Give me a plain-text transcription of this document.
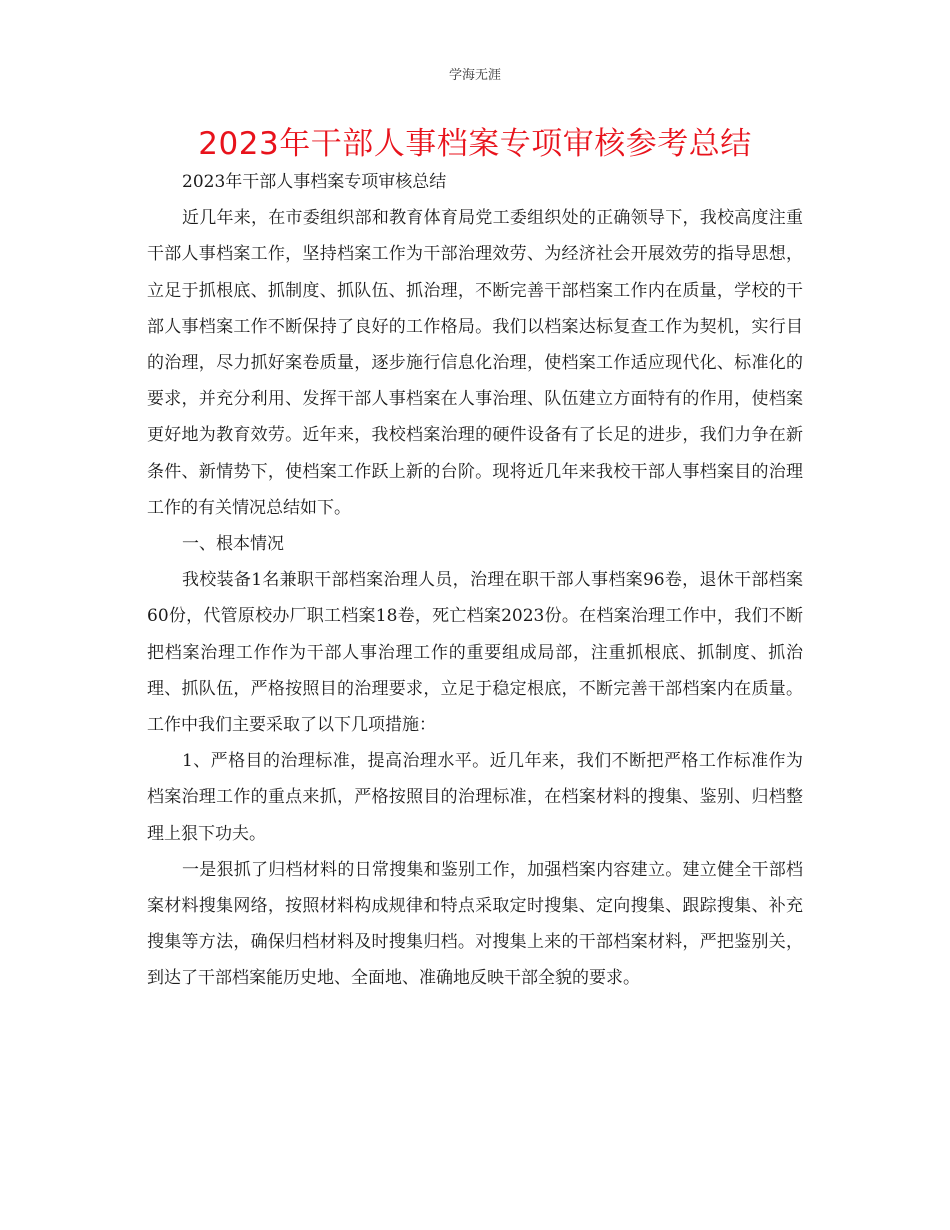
学海无涯
2023年干部人事档案专项审核参考总结

2023年干部人事档案专项审核总结

近几年来，在市委组织部和教育体育局党工委组织处的正确领导下，我校高度注重干部人事档案工作，坚持档案工作为干部治理效劳、为经济社会开展效劳的指导思想，立足于抓根底、抓制度、抓队伍、抓治理，不断完善干部档案工作内在质量，学校的干部人事档案工作不断保持了良好的工作格局。我们以档案达标复查工作为契机，实行目的治理，尽力抓好案卷质量，逐步施行信息化治理，使档案工作适应现代化、标准化的要求，并充分利用、发挥干部人事档案在人事治理、队伍建立方面特有的作用，使档案更好地为教育效劳。近年来，我校档案治理的硬件设备有了长足的进步，我们力争在新条件、新情势下，使档案工作跃上新的台阶。现将近几年来我校干部人事档案目的治理工作的有关情况总结如下。

一、根本情况

我校装备1名兼职干部档案治理人员，治理在职干部人事档案96卷，退休干部档案60份，代管原校办厂职工档案18卷，死亡档案2023份。在档案治理工作中，我们不断把档案治理工作作为干部人事治理工作的重要组成局部，注重抓根底、抓制度、抓治理、抓队伍，严格按照目的治理要求，立足于稳定根底，不断完善干部档案内在质量。工作中我们主要采取了以下几项措施：

1、严格目的治理标准，提高治理水平。近几年来，我们不断把严格工作标准作为档案治理工作的重点来抓，严格按照目的治理标准，在档案材料的搜集、鉴别、归档整理上狠下功夫。

一是狠抓了归档材料的日常搜集和鉴别工作，加强档案内容建立。建立健全干部档案材料搜集网络，按照材料构成规律和特点采取定时搜集、定向搜集、跟踪搜集、补充搜集等方法，确保归档材料及时搜集归档。对搜集上来的干部档案材料，严把鉴别关，到达了干部档案能历史地、全面地、准确地反映干部全貌的要求。
